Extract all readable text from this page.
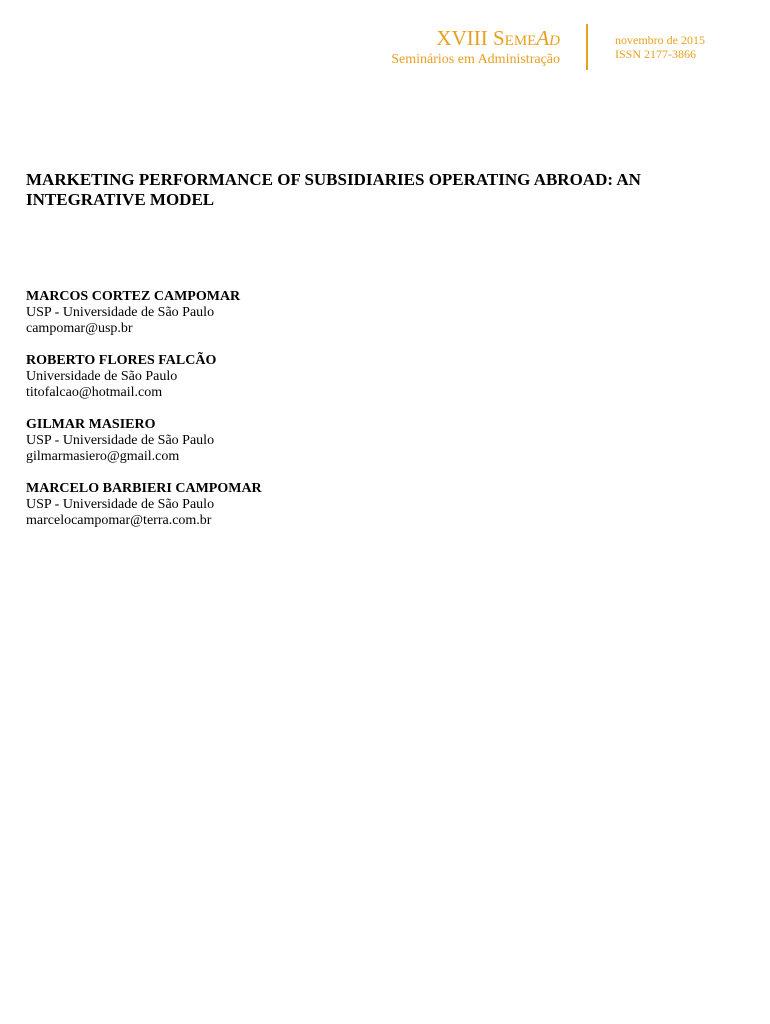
XVIII SemeAd
Seminários em Administração
novembro de 2015
ISSN 2177-3866
MARKETING PERFORMANCE OF SUBSIDIARIES OPERATING ABROAD: AN INTEGRATIVE MODEL
MARCOS CORTEZ CAMPOMAR
USP - Universidade de São Paulo
campomar@usp.br
ROBERTO FLORES FALCÃO
Universidade de São Paulo
titofalcao@hotmail.com
GILMAR MASIERO
USP - Universidade de São Paulo
gilmarmasiero@gmail.com
MARCELO BARBIERI CAMPOMAR
USP - Universidade de São Paulo
marcelocampomar@terra.com.br
